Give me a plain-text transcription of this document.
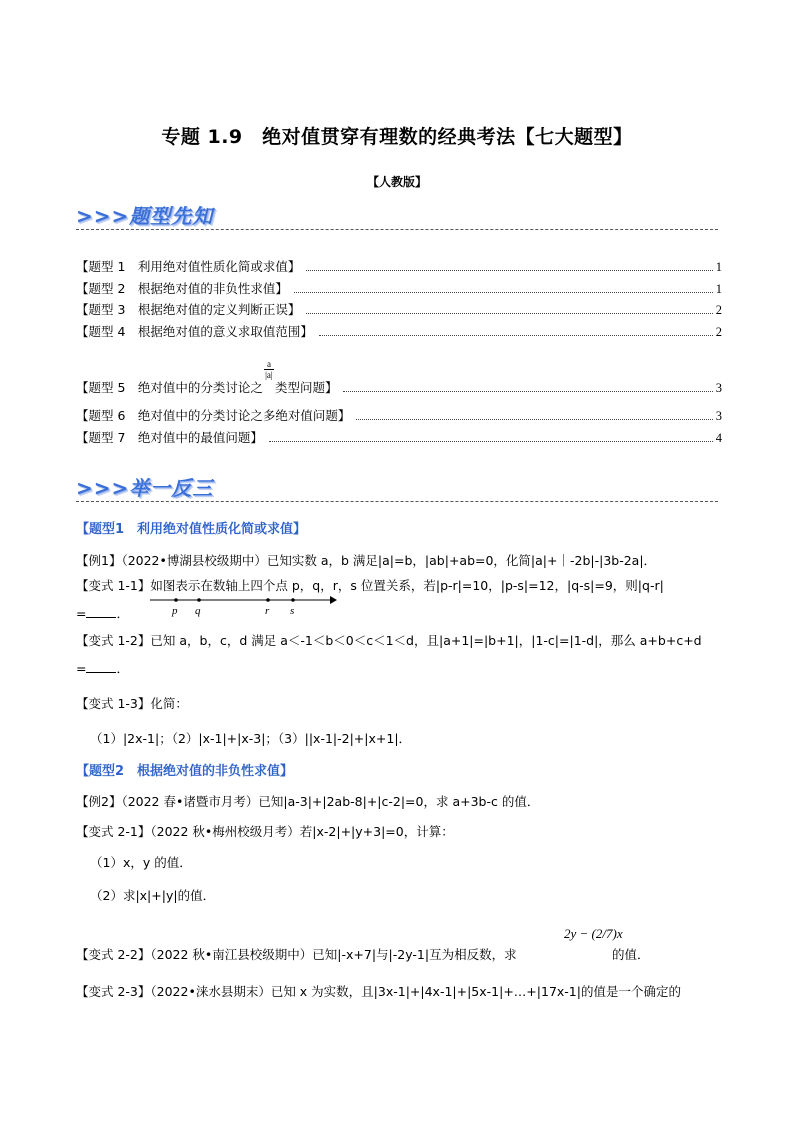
专题 1.9　绝对值贯穿有理数的经典考法【七大题型】
【人教版】
>>>题型先知
【题型 1　利用绝对值性质化简或求值】	1
【题型 2　根据绝对值的非负性求值】	1
【题型 3　根据绝对值的定义判断正误】	2
【题型 4　根据绝对值的意义求取值范围】	2
【题型 5　绝对值中的分类讨论之
a
|a|
类型问题】	3
【题型 6　绝对值中的分类讨论之多绝对值问题】	3
【题型 7　绝对值中的最值问题】	4
>>>举一反三
【题型1　利用绝对值性质化简或求值】
【例1】（2022•博湖县校级期中）已知实数 a，b 满足|a|=b，|ab|+ab=0，化简|a|+｜-2b|-|3b-2a|．
【变式 1-1】如图表示在数轴上四个点 p，q，r，s 位置关系，若|p-r|=10，|p-s|=12，|q-s|=9，则|q-r|
= ．	p q	r s
【变式 1-2】已知 a，b，c，d 满足 a＜-1＜b＜0＜c＜1＜d，且|a+1|=|b+1|，|1-c|=|1-d|，那么 a+b+c+d
= ．
【变式 1-3】化简：
（1）|2x-1|；（2）|x-1|+|x-3|；（3）||x-1|-2|+|x+1|．
【题型2　根据绝对值的非负性求值】
【例2】（2022 春•诸暨市月考）已知|a-3|+|2ab-8|+|c-2|=0，求 a+3b-c 的值．
【变式 2-1】（2022 秋•梅州校级月考）若|x-2|+|y+3|=0，计算：
（1）x，y 的值．
（2）求|x|+|y|的值．
2y − (2/7)x
【变式 2-2】（2022 秋•南江县校级期中）已知|-x+7|与|-2y-1|互为相反数，求	的值．
【变式 2-3】（2022•涞水县期末）已知 x 为实数，且|3x-1|+|4x-1|+|5x-1|+…+|17x-1|的值是一个确定的
